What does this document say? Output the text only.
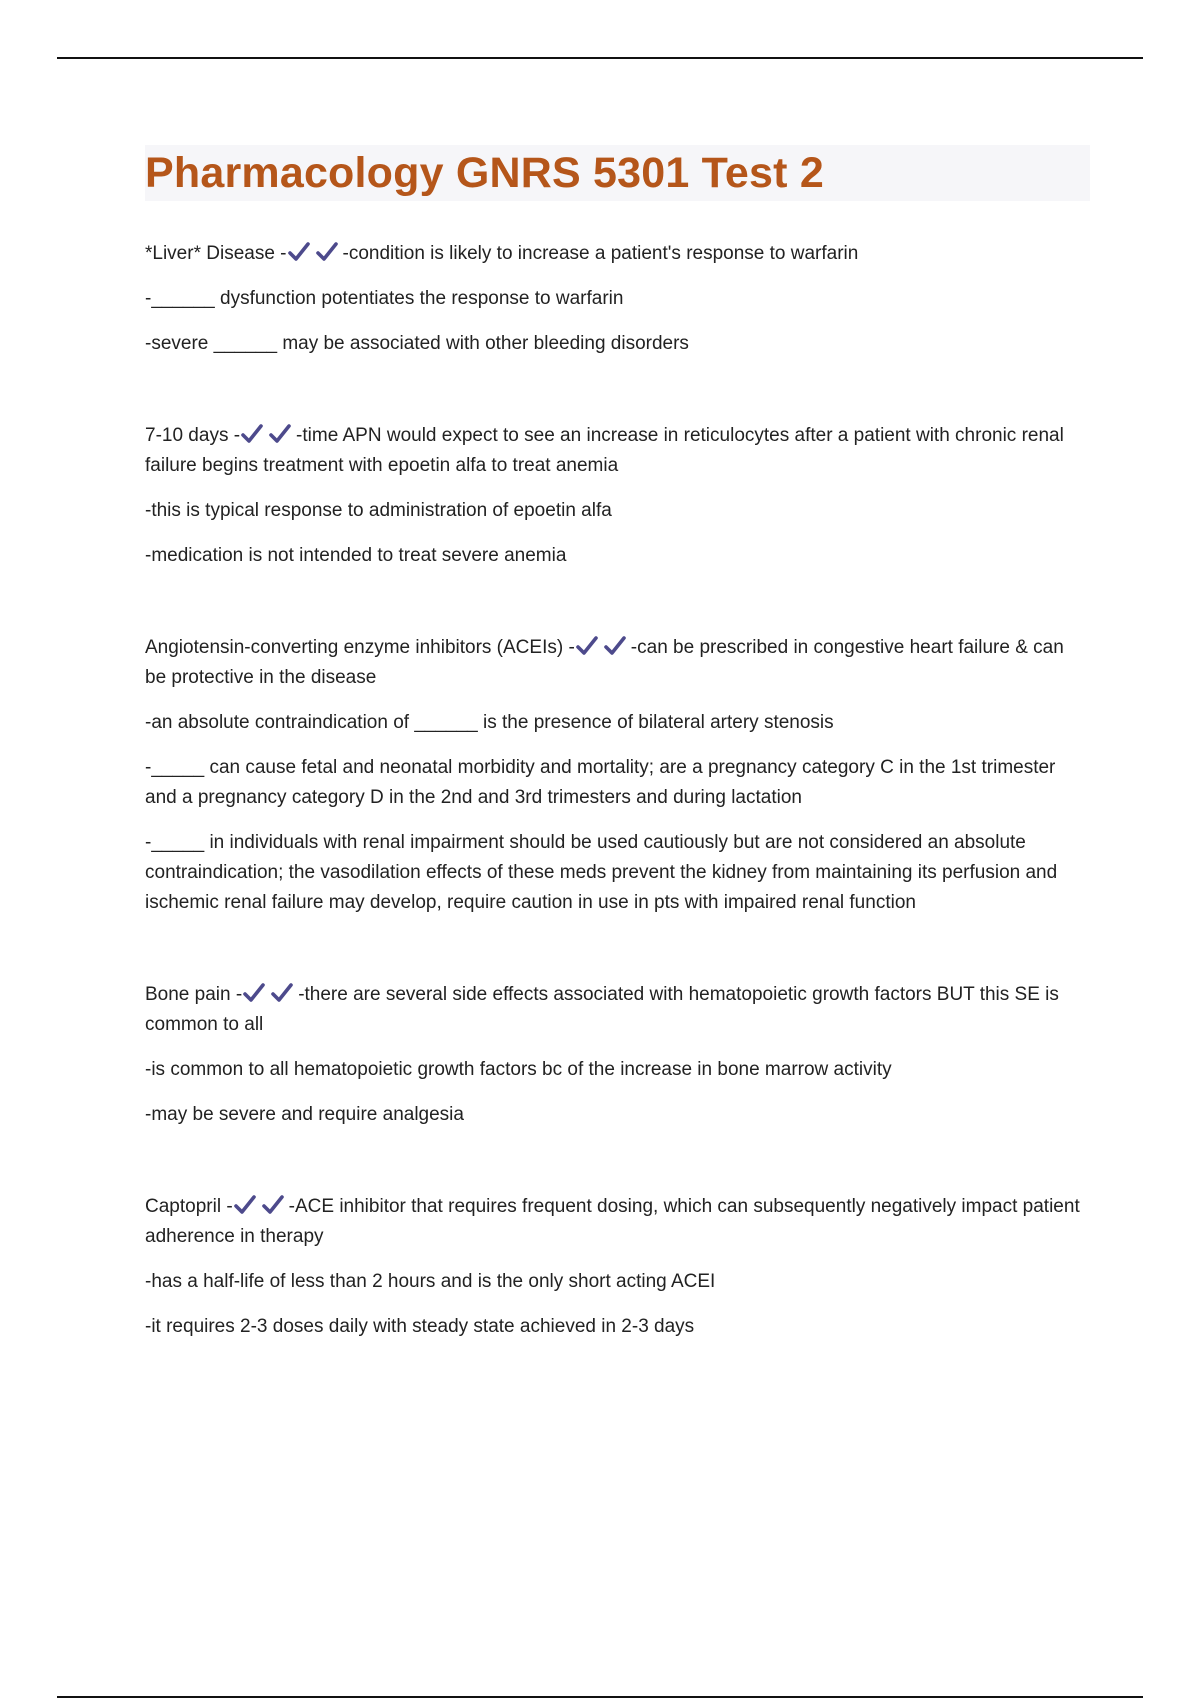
Pharmacology GNRS 5301 Test 2

*Liver* Disease -	-condition is likely to increase a patient's response to warfarin

-______ dysfunction potentiates the response to warfarin

-severe ______ may be associated with other bleeding disorders

7-10 days -	-time APN would expect to see an increase in reticulocytes after a patient with chronic renal failure begins treatment with epoetin alfa to treat anemia

-this is typical response to administration of epoetin alfa

-medication is not intended to treat severe anemia

Angiotensin-converting enzyme inhibitors (ACEIs) -	-can be prescribed in congestive heart failure & can be protective in the disease

-an absolute contraindication of ______ is the presence of bilateral artery stenosis

-_____ can cause fetal and neonatal morbidity and mortality; are a pregnancy category C in the 1st trimester and a pregnancy category D in the 2nd and 3rd trimesters and during lactation

-_____ in individuals with renal impairment should be used cautiously but are not considered an absolute contraindication; the vasodilation effects of these meds prevent the kidney from maintaining its perfusion and ischemic renal failure may develop, require caution in use in pts with impaired renal function

Bone pain -	-there are several side effects associated with hematopoietic growth factors BUT this SE is common to all

-is common to all hematopoietic growth factors bc of the increase in bone marrow activity

-may be severe and require analgesia

Captopril -	-ACE inhibitor that requires frequent dosing, which can subsequently negatively impact patient adherence in therapy

-has a half-life of less than 2 hours and is the only short acting ACEI

-it requires 2-3 doses daily with steady state achieved in 2-3 days
